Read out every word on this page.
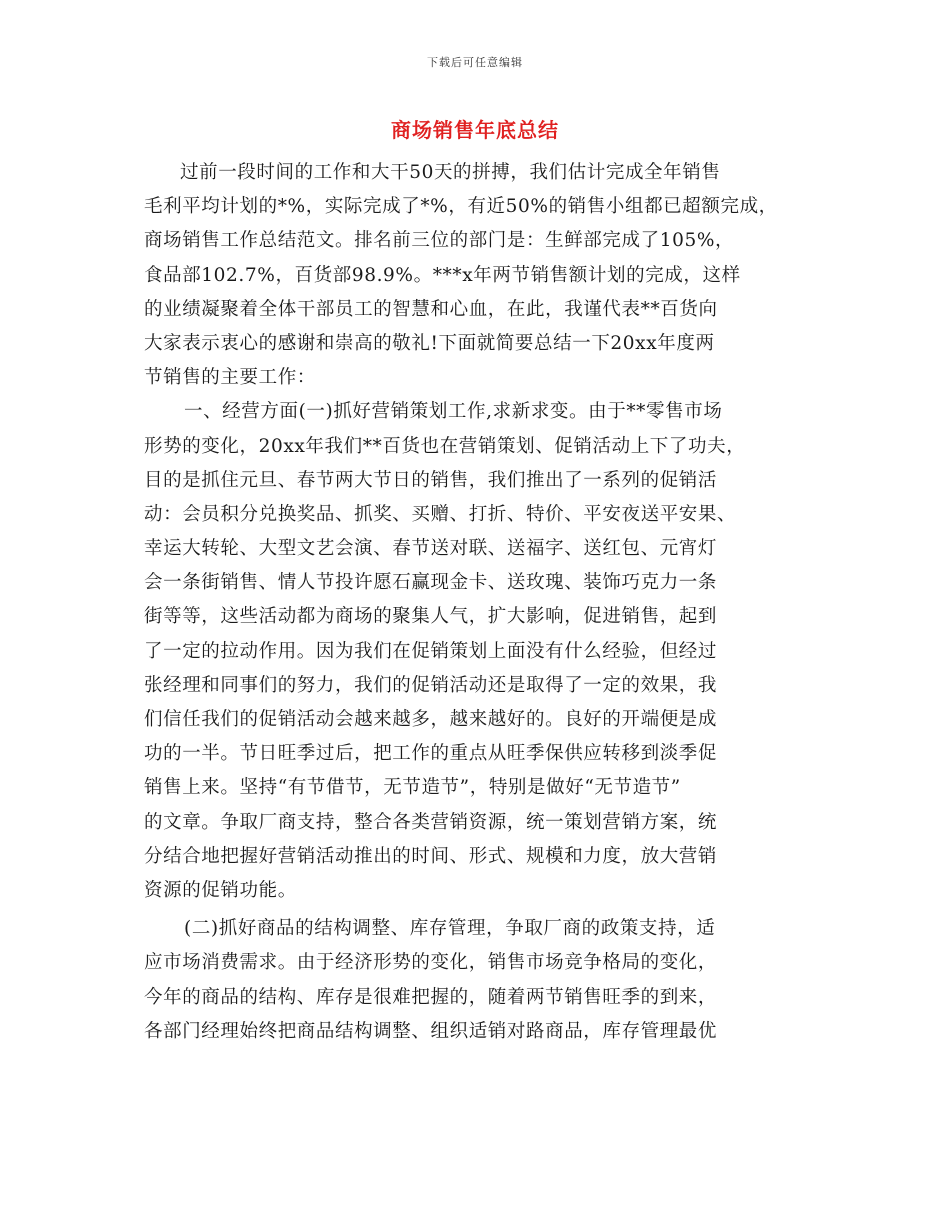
下载后可任意编辑
商场销售年底总结
过前一段时间的工作和大干50天的拼搏，我们估计完成全年销售
毛利平均计划的*%，实际完成了*%，有近50%的销售小组都已超额完成，
商场销售工作总结范文。排名前三位的部门是：生鲜部完成了105%，
食品部102.7%，百货部98.9%。***x年两节销售额计划的完成，这样
的业绩凝聚着全体干部员工的智慧和心血，在此，我谨代表**百货向
大家表示衷心的感谢和崇高的敬礼!下面就简要总结一下20xx年度两
节销售的主要工作：
一、经营方面(一)抓好营销策划工作,求新求变。由于**零售市场
形势的变化，20xx年我们**百货也在营销策划、促销活动上下了功夫，
目的是抓住元旦、春节两大节日的销售，我们推出了一系列的促销活
动：会员积分兑换奖品、抓奖、买赠、打折、特价、平安夜送平安果、
幸运大转轮、大型文艺会演、春节送对联、送福字、送红包、元宵灯
会一条街销售、情人节投许愿石赢现金卡、送玫瑰、装饰巧克力一条
街等等，这些活动都为商场的聚集人气，扩大影响，促进销售，起到
了一定的拉动作用。因为我们在促销策划上面没有什么经验，但经过
张经理和同事们的努力，我们的促销活动还是取得了一定的效果，我
们信任我们的促销活动会越来越多，越来越好的。良好的开端便是成
功的一半。节日旺季过后，把工作的重点从旺季保供应转移到淡季促
销售上来。坚持“有节借节，无节造节”，特别是做好“无节造节”
的文章。争取厂商支持，整合各类营销资源，统一策划营销方案，统
分结合地把握好营销活动推出的时间、形式、规模和力度，放大营销
资源的促销功能。
(二)抓好商品的结构调整、库存管理，争取厂商的政策支持，适
应市场消费需求。由于经济形势的变化，销售市场竞争格局的变化，
今年的商品的结构、库存是很难把握的，随着两节销售旺季的到来，
各部门经理始终把商品结构调整、组织适销对路商品，库存管理最优
